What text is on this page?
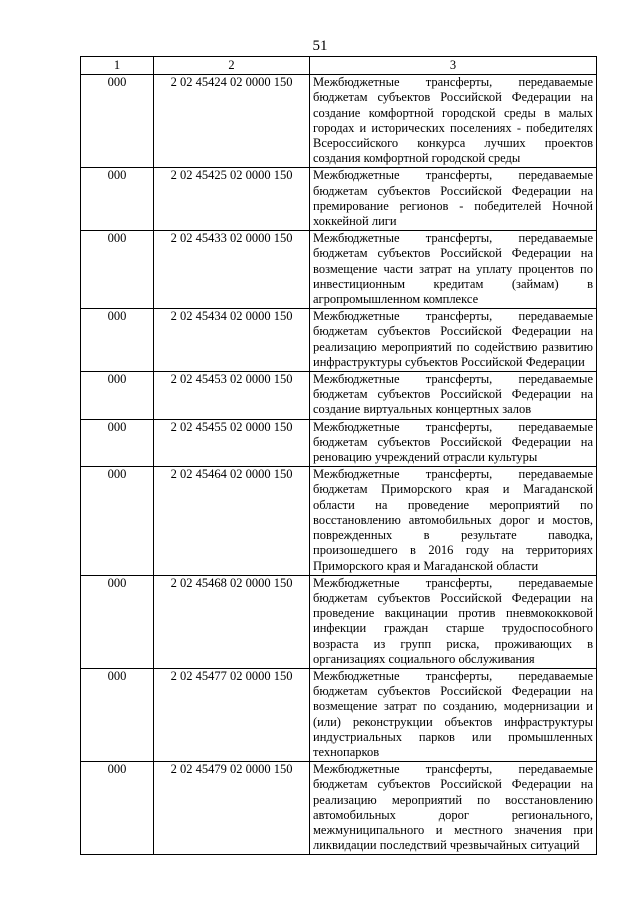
51
1	2	3
000	2 02 45424 02 0000 150	Межбюджетные трансферты, передаваемые бюджетам субъектов Российской Федерации на создание комфортной городской среды в малых городах и исторических поселениях - победителях Всероссийского конкурса лучших проектов создания комфортной городской среды
000	2 02 45425 02 0000 150	Межбюджетные трансферты, передаваемые бюджетам субъектов Российской Федерации на премирование регионов - победителей Ночной хоккейной лиги
000	2 02 45433 02 0000 150	Межбюджетные трансферты, передаваемые бюджетам субъектов Российской Федерации на возмещение части затрат на уплату процентов по инвестиционным кредитам (займам) в агропромышленном комплексе
000	2 02 45434 02 0000 150	Межбюджетные трансферты, передаваемые бюджетам субъектов Российской Федерации на реализацию мероприятий по содействию развитию инфраструктуры субъектов Российской Федерации
000	2 02 45453 02 0000 150	Межбюджетные трансферты, передаваемые бюджетам субъектов Российской Федерации на создание виртуальных концертных залов
000	2 02 45455 02 0000 150	Межбюджетные трансферты, передаваемые бюджетам субъектов Российской Федерации на реновацию учреждений отрасли культуры
000	2 02 45464 02 0000 150	Межбюджетные трансферты, передаваемые бюджетам Приморского края и Магаданской области на проведение мероприятий по восстановлению автомобильных дорог и мостов, поврежденных в результате паводка, произошедшего в 2016 году на территориях Приморского края и Магаданской области
000	2 02 45468 02 0000 150	Межбюджетные трансферты, передаваемые бюджетам субъектов Российской Федерации на проведение вакцинации против пневмококковой инфекции граждан старше трудоспособного возраста из групп риска, проживающих в организациях социального обслуживания
000	2 02 45477 02 0000 150	Межбюджетные трансферты, передаваемые бюджетам субъектов Российской Федерации на возмещение затрат по созданию, модернизации и (или) реконструкции объектов инфраструктуры индустриальных парков или промышленных технопарков
000	2 02 45479 02 0000 150	Межбюджетные трансферты, передаваемые бюджетам субъектов Российской Федерации на реализацию мероприятий по восстановлению автомобильных дорог регионального, межмуниципального и местного значения при ликвидации последствий чрезвычайных ситуаций
